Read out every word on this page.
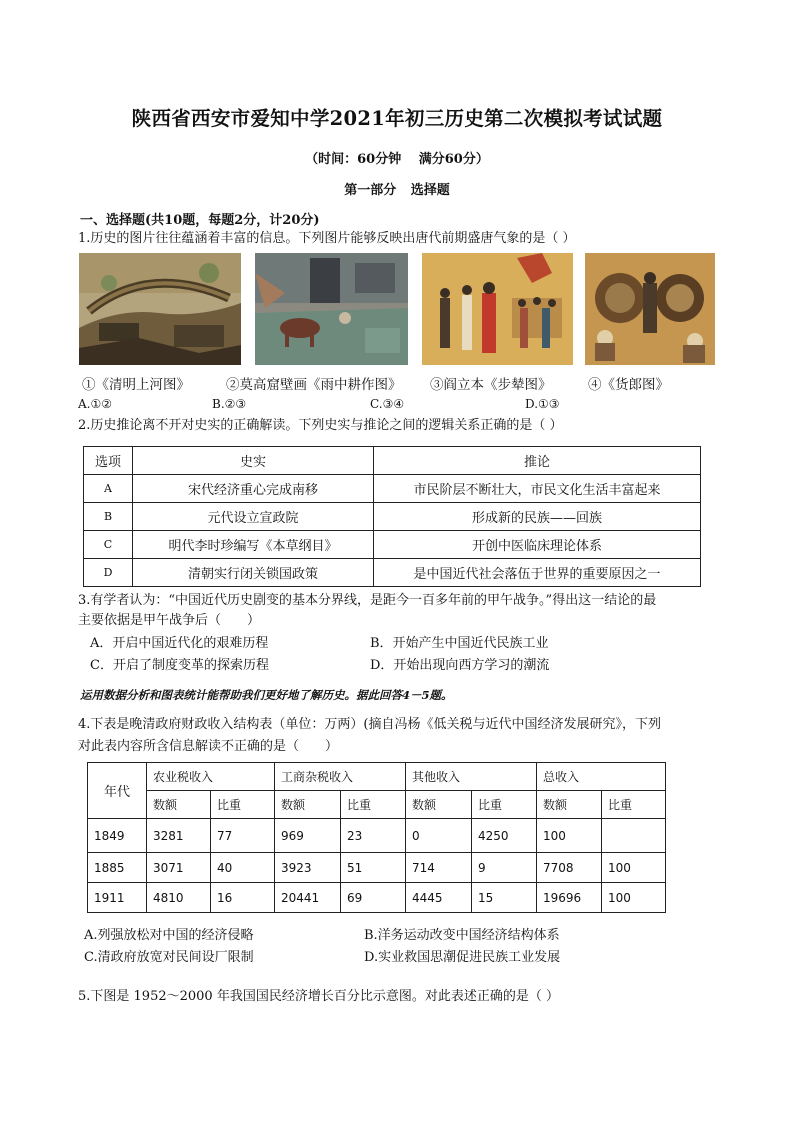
陕西省西安市爱知中学2021年初三历史第二次模拟考试试题
（时间：60分钟　 满分60分）
第一部分 选择题
一、选择题(共10题，每题2分，计20分)
1.历史的图片往往蕴涵着丰富的信息。下列图片能够反映出唐代前期盛唐气象的是（ ）
①《清明上河图》	②莫高窟壁画《雨中耕作图》 ③阎立本《步辇图》	④《货郎图》
A.①②	B.②③	C.③④	D.①③
2.历史推论离不开对史实的正确解读。下列史实与推论之间的逻辑关系正确的是（ ）
选项	史实	推论
A	宋代经济重心完成南移	市民阶层不断壮大，市民文化生活丰富起来
B	元代设立宣政院	形成新的民族——回族
C	明代李时珍编写《本草纲目》	开创中医临床理论体系
D	清朝实行闭关锁国政策	是中国近代社会落伍于世界的重要原因之一
3.有学者认为：“中国近代历史剧变的基本分界线，是距今一百多年前的甲午战争。”得出这一结论的最
主要依据是甲午战争后（　　）
A．开启中国近代化的艰难历程	B．开始产生中国近代民族工业
C．开启了制度变革的探索历程	D．开始出现向西方学习的潮流
运用数据分析和图表统计能帮助我们更好地了解历史。据此回答4－5题。
4.下表是晚清政府财政收入结构表（单位：万两）(摘自冯杨《低关税与近代中国经济发展研究》，下列
对此表内容所含信息解读不正确的是（　　）
年代	农业税收入		工商杂税收入		其他收入		总收入	
	数额	比重	数额	比重	数额	比重	数额	比重
1849	3281	77	969	23	0	4250	100	
1885	3071	40	3923	51	714	9	7708	100
1911	4810	16	20441	69	4445	15	19696	100
A.列强放松对中国的经济侵略	B.洋务运动改变中国经济结构体系
C.清政府放宽对民间设厂限制	D.实业救国思潮促进民族工业发展
5.下图是 1952～2000 年我国国民经济增长百分比示意图。对此表述正确的是（ ）
